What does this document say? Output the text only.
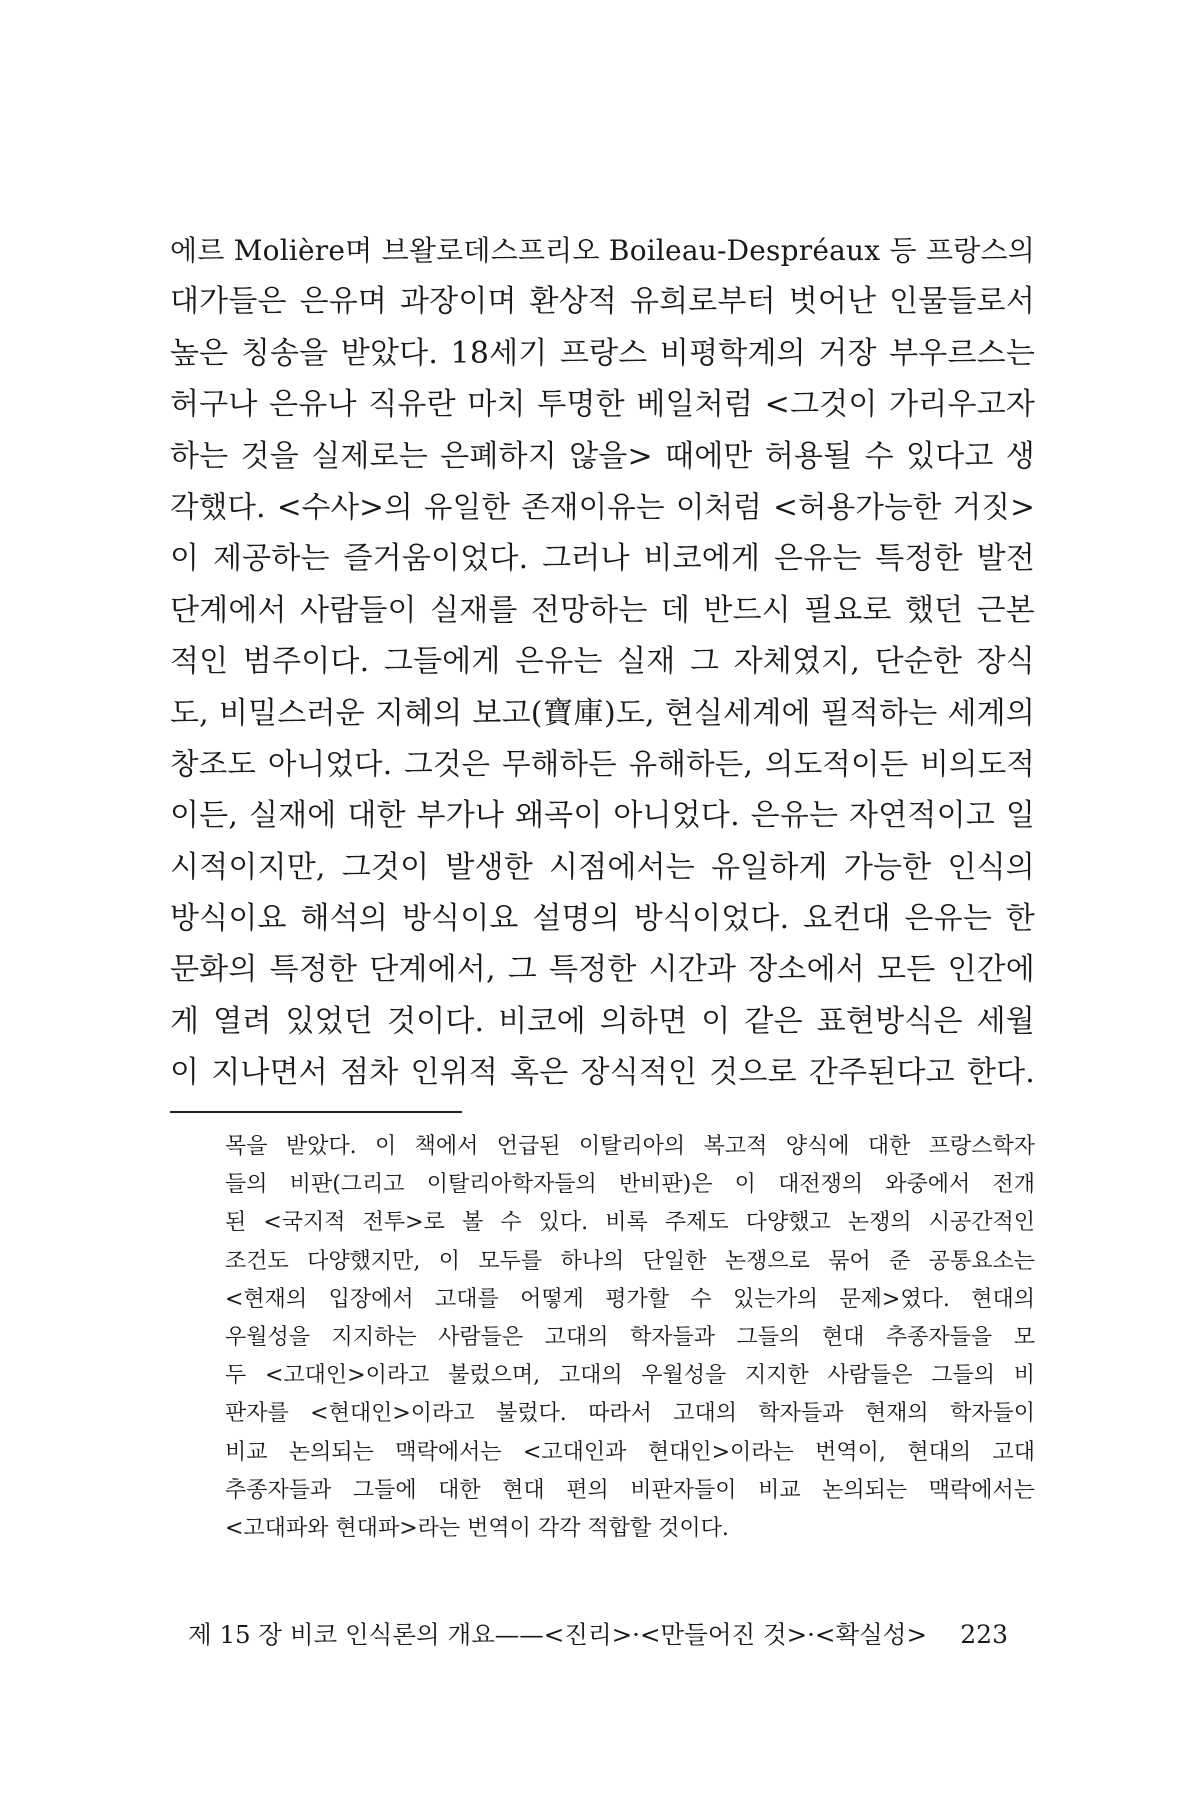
에르 Molière며 브왈로데스프리오 Boileau-Despréaux 등 프랑스의
대가들은 은유며 과장이며 환상적 유희로부터 벗어난 인물들로서
높은 칭송을 받았다. 18세기 프랑스 비평학계의 거장 부우르스는
허구나 은유나 직유란 마치 투명한 베일처럼 <그것이 가리우고자
하는 것을 실제로는 은폐하지 않을> 때에만 허용될 수 있다고 생
각했다. <수사>의 유일한 존재이유는 이처럼 <허용가능한 거짓>
이 제공하는 즐거움이었다. 그러나 비코에게 은유는 특정한 발전
단계에서 사람들이 실재를 전망하는 데 반드시 필요로 했던 근본
적인 범주이다. 그들에게 은유는 실재 그 자체였지, 단순한 장식
도, 비밀스러운 지혜의 보고(寶庫)도, 현실세계에 필적하는 세계의
창조도 아니었다. 그것은 무해하든 유해하든, 의도적이든 비의도적
이든, 실재에 대한 부가나 왜곡이 아니었다. 은유는 자연적이고 일
시적이지만, 그것이 발생한 시점에서는 유일하게 가능한 인식의
방식이요 해석의 방식이요 설명의 방식이었다. 요컨대 은유는 한
문화의 특정한 단계에서, 그 특정한 시간과 장소에서 모든 인간에
게 열려 있었던 것이다. 비코에 의하면 이 같은 표현방식은 세월
이 지나면서 점차 인위적 혹은 장식적인 것으로 간주된다고 한다.
목을 받았다. 이 책에서 언급된 이탈리아의 복고적 양식에 대한 프랑스학자
들의 비판(그리고 이탈리아학자들의 반비판)은 이 대전쟁의 와중에서 전개
된 <국지적 전투>로 볼 수 있다. 비록 주제도 다양했고 논쟁의 시공간적인
조건도 다양했지만, 이 모두를 하나의 단일한 논쟁으로 묶어 준 공통요소는
<현재의 입장에서 고대를 어떻게 평가할 수 있는가의 문제>였다. 현대의
우월성을 지지하는 사람들은 고대의 학자들과 그들의 현대 추종자들을 모
두 <고대인>이라고 불렀으며, 고대의 우월성을 지지한 사람들은 그들의 비
판자를 <현대인>이라고 불렀다. 따라서 고대의 학자들과 현재의 학자들이
비교 논의되는 맥락에서는 <고대인과 현대인>이라는 번역이, 현대의 고대
추종자들과 그들에 대한 현대 편의 비판자들이 비교 논의되는 맥락에서는
<고대파와 현대파>라는 번역이 각각 적합할 것이다.
제 15 장 비코 인식론의 개요——<진리>·<만들어진 것>·<확실성> 223
